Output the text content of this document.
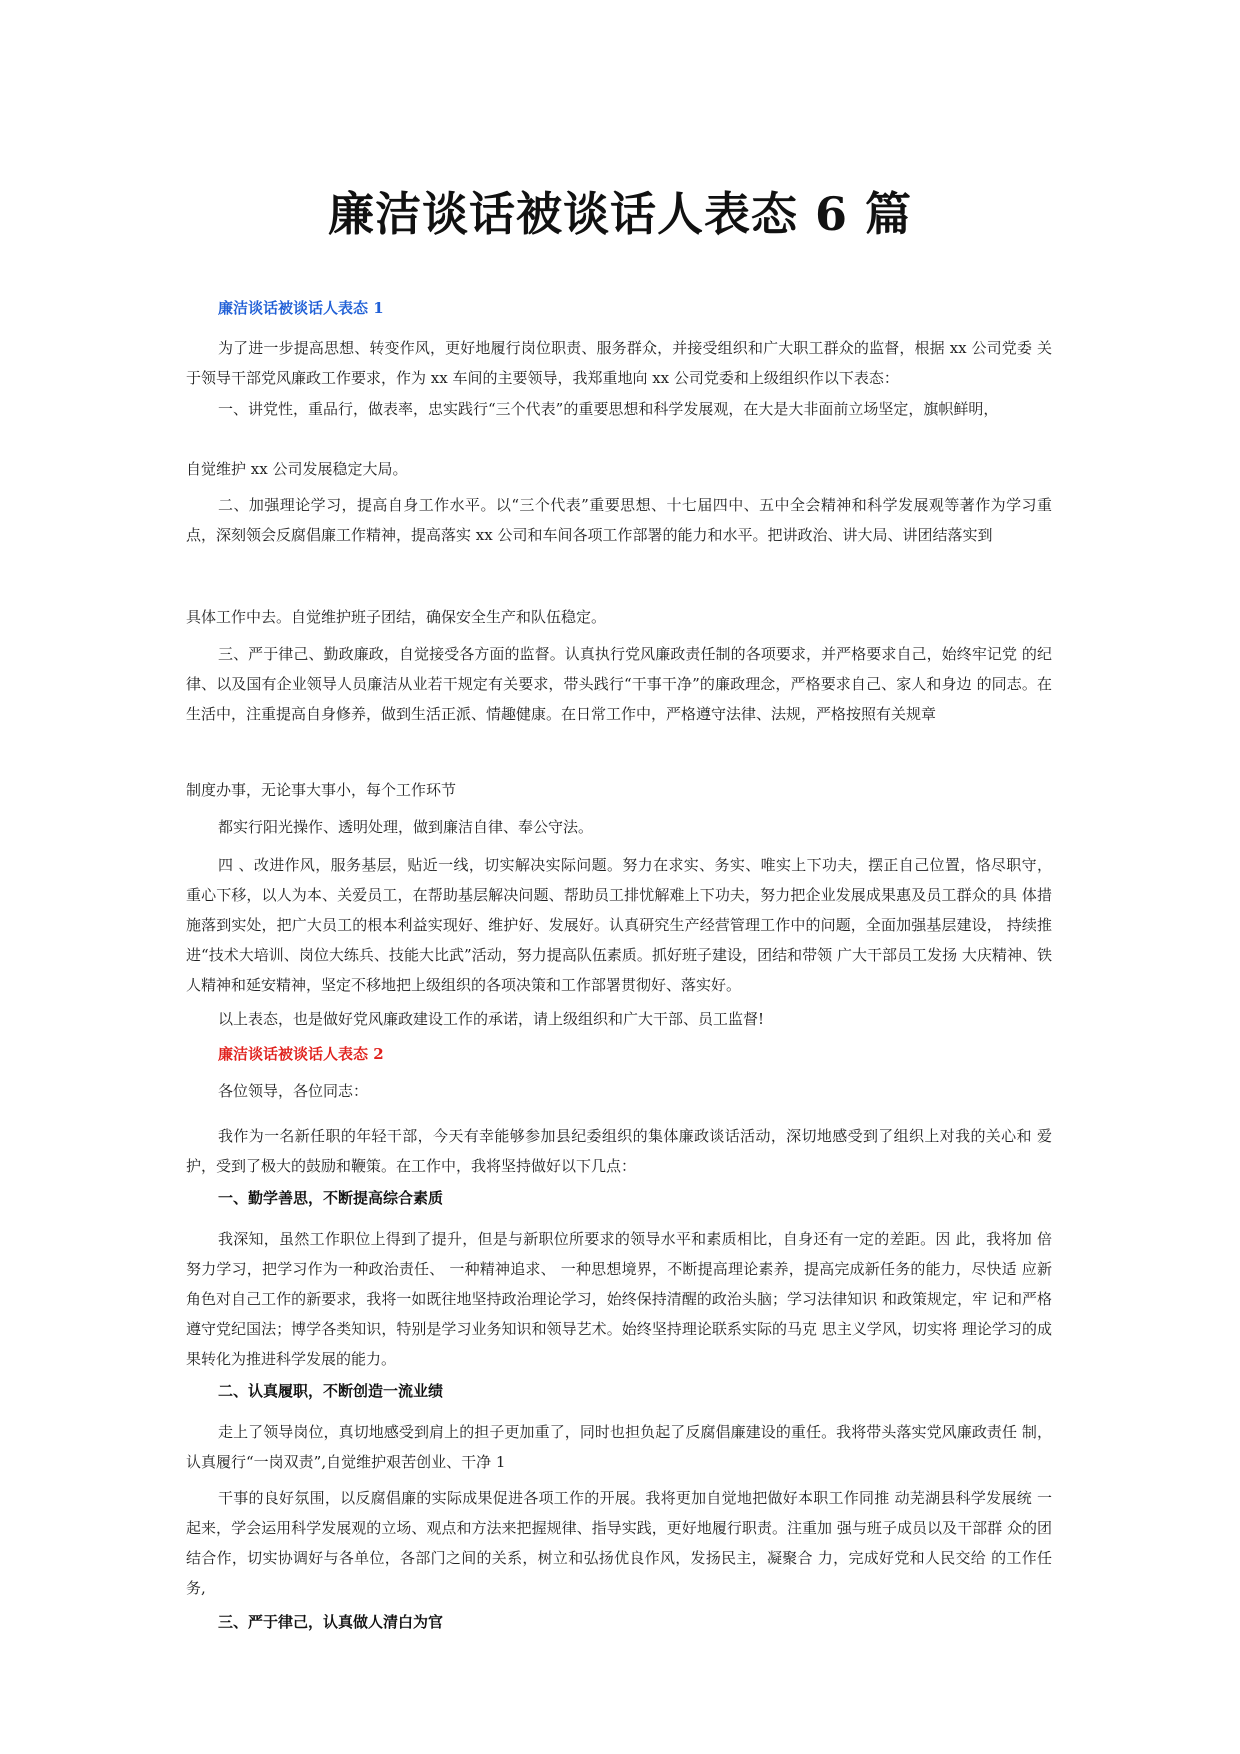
廉洁谈话被谈话人表态 6 篇

廉洁谈话被谈话人表态 1

为了进一步提高思想、转变作风，更好地履行岗位职责、服务群众，并接受组织和广大职工群众的监督，根据 xx 公司党委 关于领导干部党风廉政工作要求，作为 xx 车间的主要领导，我郑重地向 xx 公司党委和上级组织作以下表态：

一、讲党性，重品行，做表率，忠实践行“三个代表”的重要思想和科学发展观，在大是大非面前立场坚定，旗帜鲜明，

自觉维护 xx 公司发展稳定大局。

二、加强理论学习，提高自身工作水平。以“三个代表”重要思想、十七届四中、五中全会精神和科学发展观等著作为学习重点，深刻领会反腐倡廉工作精神，提高落实 xx 公司和车间各项工作部署的能力和水平。把讲政治、讲大局、讲团结落实到

具体工作中去。自觉维护班子团结，确保安全生产和队伍稳定。

三、严于律己、勤政廉政，自觉接受各方面的监督。认真执行党风廉政责任制的各项要求，并严格要求自己，始终牢记党 的纪律、以及国有企业领导人员廉洁从业若干规定有关要求，带头践行“干事干净”的廉政理念，严格要求自己、家人和身边 的同志。在生活中，注重提高自身修养，做到生活正派、情趣健康。在日常工作中，严格遵守法律、法规，严格按照有关规章

制度办事，无论事大事小，每个工作环节

都实行阳光操作、透明处理，做到廉洁自律、奉公守法。

四 、改进作风，服务基层，贴近一线，切实解决实际问题。努力在求实、务实、唯实上下功夫，摆正自己位置，恪尽职守， 重心下移，以人为本、关爱员工，在帮助基层解决问题、帮助员工排忧解难上下功夫，努力把企业发展成果惠及员工群众的具 体措施落到实处，把广大员工的根本利益实现好、维护好、发展好。认真研究生产经营管理工作中的问题，全面加强基层建设， 持续推进“技术大培训、岗位大练兵、技能大比武”活动，努力提高队伍素质。抓好班子建设，团结和带领 广大干部员工发扬 大庆精神、铁人精神和延安精神，坚定不移地把上级组织的各项决策和工作部署贯彻好、落实好。

以上表态，也是做好党风廉政建设工作的承诺，请上级组织和广大干部、员工监督!

廉洁谈话被谈话人表态 2

各位领导，各位同志：

我作为一名新任职的年轻干部，今天有幸能够参加县纪委组织的集体廉政谈话活动，深切地感受到了组织上对我的关心和 爱护，受到了极大的鼓励和鞭策。在工作中，我将坚持做好以下几点：

一、勤学善思，不断提高综合素质

我深知，虽然工作职位上得到了提升，但是与新职位所要求的领导水平和素质相比，自身还有一定的差距。因 此，我将加 倍努力学习，把学习作为一种政治责任、 一种精神追求、 一种思想境界，不断提高理论素养，提高完成新任务的能力，尽快适 应新角色对自己工作的新要求，我将一如既往地坚持政治理论学习，始终保持清醒的政治头脑；学习法律知识 和政策规定，牢 记和严格遵守党纪国法；博学各类知识，特别是学习业务知识和领导艺术。始终坚持理论联系实际的马克 思主义学风，切实将 理论学习的成果转化为推进科学发展的能力。

二、认真履职，不断创造一流业绩

走上了领导岗位，真切地感受到肩上的担子更加重了，同时也担负起了反腐倡廉建设的重任。我将带头落实党风廉政责任 制，认真履行“一岗双责”,自觉维护艰苦创业、干净 1

干事的良好氛围，以反腐倡廉的实际成果促进各项工作的开展。我将更加自觉地把做好本职工作同推 动芜湖县科学发展统 一起来，学会运用科学发展观的立场、观点和方法来把握规律、指导实践，更好地履行职责。注重加 强与班子成员以及干部群 众的团结合作，切实协调好与各单位，各部门之间的关系，树立和弘扬优良作风，发扬民主，凝聚合 力，完成好党和人民交给 的工作任务,

三、严于律己，认真做人清白为官
